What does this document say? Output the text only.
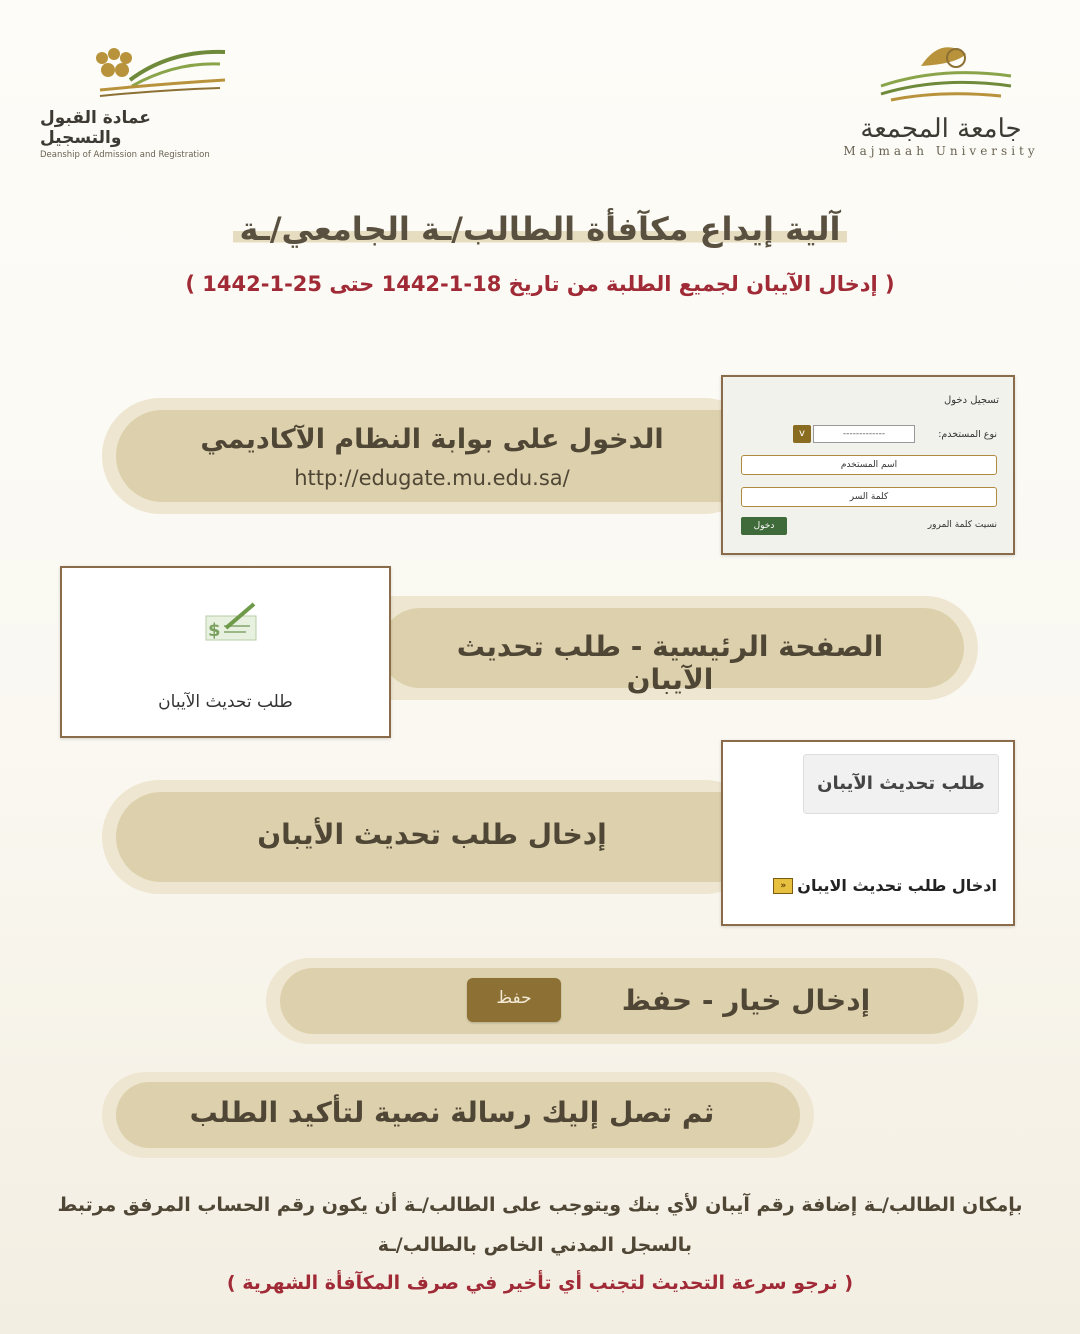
عمادة القبول والتسجيل
Deanship of Admission and Registration
جامعة المجمعة
Majmaah University
آلية إيداع مكآفأة الطالب/ـة الجامعي/ـة
( إدخال الآيبان لجميع الطلبة من تاريخ 18-1-1442 حتى 25-1-1442 )
الدخول على بوابة النظام الآكاديمي
http://edugate.mu.edu.sa/
تسجيل دخول
نوع المستخدم:
-------------
v
اسم المستخدم
كلمة السر
نسيت كلمة المرور
دخول
الصفحة الرئيسية - طلب تحديث الآيبان
$
طلب تحديث الآيبان
إدخال طلب تحديث الأيبان
طلب تحديث الآيبان
ادخال طلب تحديث الايبان
«
إدخال خيار - حفظ
حفظ
ثم تصل إليك رسالة نصية لتأكيد الطلب
بإمكان الطالب/ـة إضافة رقم آيبان لأي بنك ويتوجب على الطالب/ـة أن يكون رقم الحساب المرفق مرتبط
بالسجل المدني الخاص بالطالب/ـة
( نرجو سرعة التحديث لتجنب أي تأخير في صرف المكآفأة الشهرية )
